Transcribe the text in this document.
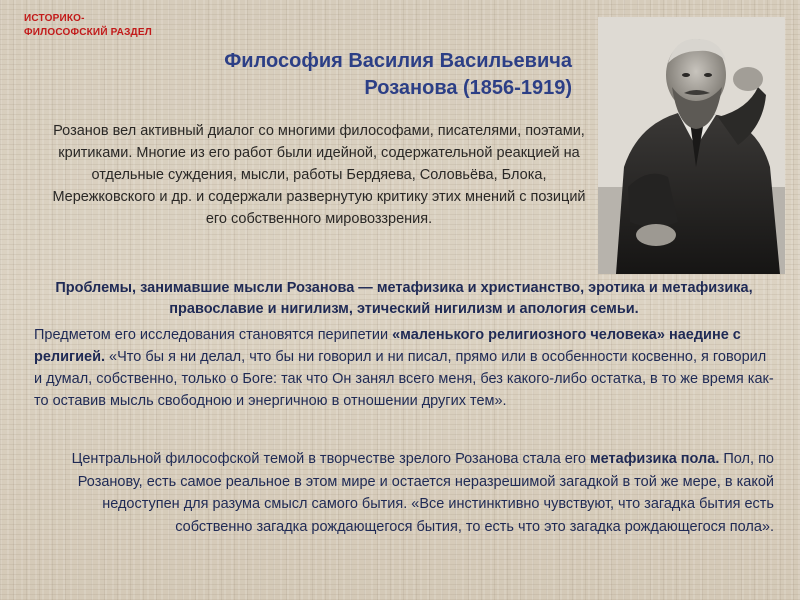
ИСТОРИКО-ФИЛОСОФСКИЙ РАЗДЕЛ
Философия Василия Васильевича
Розанова (1856-1919)
Розанов вел активный диалог со многими философами, писателями, поэтами, критиками. Многие из его работ были идейной, содержательной реакцией на отдельные суждения, мысли, работы Бердяева, Соловьёва, Блока, Мережковского и др. и содержали развернутую критику этих мнений с позиций его собственного мировоззрения.
Проблемы, занимавшие мысли Розанова — метафизика и христианство, эротика и метафизика, православие и нигилизм, этический нигилизм и апология семьи.
Предметом его исследования становятся перипетии «маленького религиозного человека» наедине с религией. «Что бы я ни делал, что бы ни говорил и ни писал, прямо или в особенности косвенно, я говорил и думал, собственно, только о Боге: так что Он занял всего меня, без какого-либо остатка, в то же время как-то оставив мысль свободною и энергичною в отношении других тем».
Центральной философской темой в творчестве зрелого Розанова стала его метафизика пола. Пол, по Розанову, есть самое реальное в этом мире и остается неразрешимой загадкой в той же мере, в какой недоступен для разума смысл самого бытия. «Все инстинктивно чувствуют, что загадка бытия есть собственно загадка рождающегося бытия, то есть что это загадка рождающегося пола».
